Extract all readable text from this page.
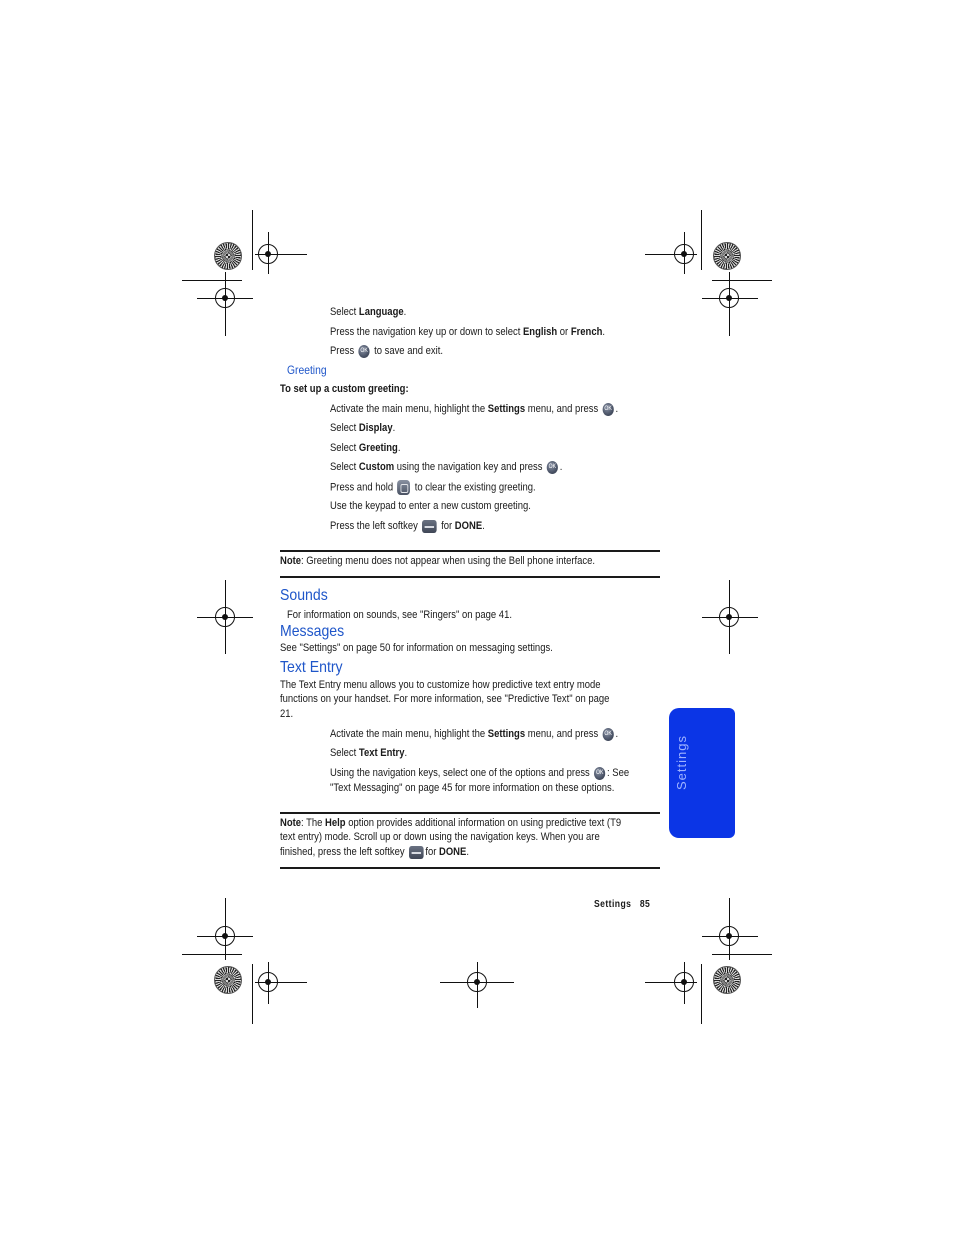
Select Language.
Press the navigation key up or down to select English or French.
Press OK to save and exit.
Greeting
To set up a custom greeting:
Activate the main menu, highlight the Settings menu, and press OK .
Select Display.
Select Greeting.
Select Custom using the navigation key and press OK .
Press and hold  to clear the existing greeting.
Use the keypad to enter a new custom greeting.
Press the left softkey  for DONE.
Note: Greeting menu does not appear when using the Bell phone interface.
Sounds
For information on sounds, see "Ringers" on page 41.
Messages
See "Settings" on page 50 for information on messaging settings.
Text Entry
The Text Entry menu allows you to customize how predictive text entry mode
functions on your handset. For more information, see "Predictive Text" on page
21.
Activate the main menu, highlight the Settings menu, and press OK .
Select Text Entry.
Using the navigation keys, select one of the options and press OK : See
"Text Messaging" on page 45 for more information on these options.
Note: The Help option provides additional information on using predictive text (T9
text entry) mode. Scroll up or down using the navigation keys. When you are
finished, press the left softkey for DONE.
Settings
Settings 85
